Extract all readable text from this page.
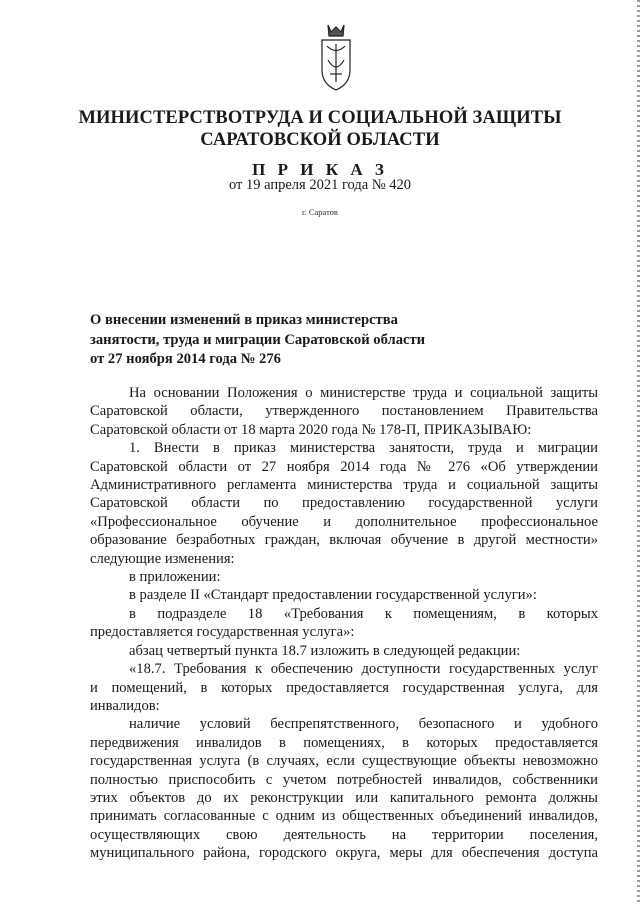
МИНИСТЕРСТВОТРУДА И СОЦИАЛЬНОЙ ЗАЩИТЫ
САРАТОВСКОЙ ОБЛАСТИ
П Р И К А З
от 19 апреля 2021 года № 420
г. Саратов
О внесении изменений в приказ министерства
занятости, труда и миграции Саратовской области
от 27 ноября 2014 года № 276
На основании Положения о министерстве труда и социальной защиты
Саратовской области, утвержденного постановлением Правительства
Саратовской области от 18 марта 2020 года № 178-П, ПРИКАЗЫВАЮ:
1. Внести в приказ министерства занятости, труда и миграции
Саратовской области от 27 ноября 2014 года № 276 «Об утверждении
Административного регламента министерства труда и социальной защиты
Саратовской области по предоставлению государственной услуги
«Профессиональное обучение и дополнительное профессиональное
образование безработных граждан, включая обучение в другой местности»
следующие изменения:
в приложении:
в разделе II «Стандарт предоставлении государственной услуги»:
в подразделе 18 «Требования к помещениям, в которых
предоставляется государственная услуга»:
абзац четвертый пункта 18.7 изложить в следующей редакции:
«18.7. Требования к обеспечению доступности государственных услуг
и помещений, в которых предоставляется государственная услуга, для
инвалидов:
наличие условий беспрепятственного, безопасного и удобного
передвижения инвалидов в помещениях, в которых предоставляется
государственная услуга (в случаях, если существующие объекты невозможно
полностью приспособить с учетом потребностей инвалидов, собственники
этих объектов до их реконструкции или капитального ремонта должны
принимать согласованные с одним из общественных объединений инвалидов,
осуществляющих свою деятельность на территории поселения,
муниципального района, городского округа, меры для обеспечения доступа
